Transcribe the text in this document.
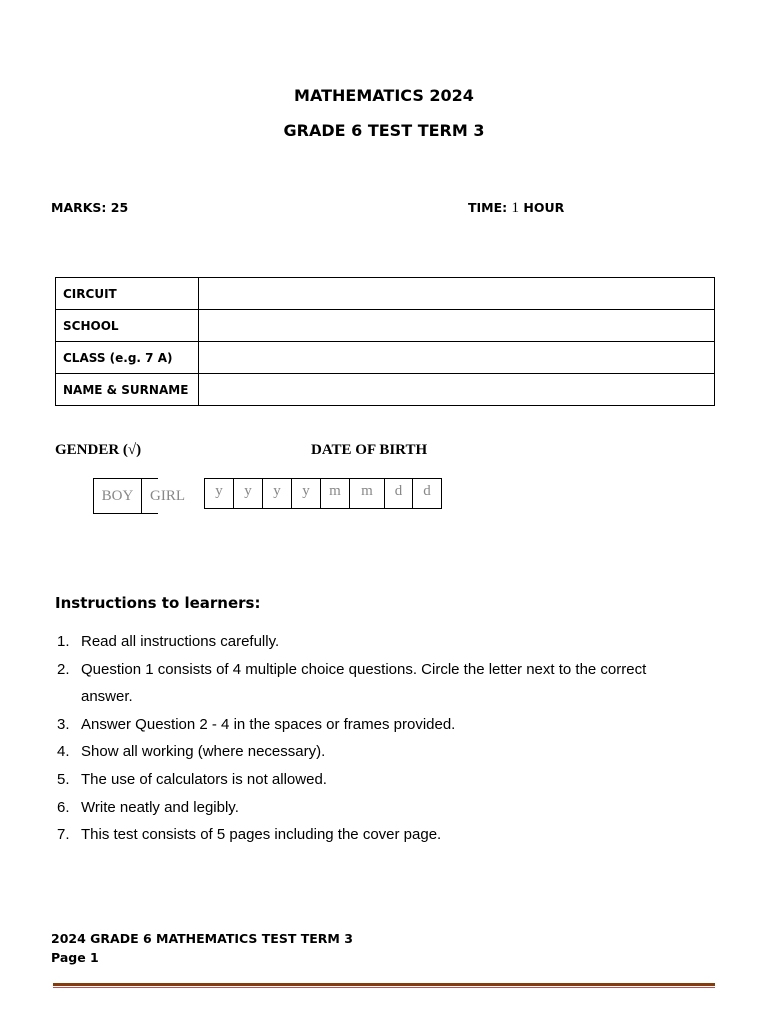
MATHEMATICS 2024
GRADE 6 TEST TERM 3
MARKS: 25	TIME: 1 HOUR
CIRCUIT	
SCHOOL	
CLASS (e.g. 7 A)	
NAME & SURNAME	
GENDER (√)	DATE OF BIRTH
BOY	GIRL	y	y	y	y	m	m	d	d
Instructions to learners:
1. Read all instructions carefully.
2. Question 1 consists of 4 multiple choice questions. Circle the letter next to the correct answer.
3. Answer Question 2 - 4 in the spaces or frames provided.
4. Show all working (where necessary).
5. The use of calculators is not allowed.
6. Write neatly and legibly.
7. This test consists of 5 pages including the cover page.
2024 GRADE 6 MATHEMATICS TEST TERM 3
Page 1
